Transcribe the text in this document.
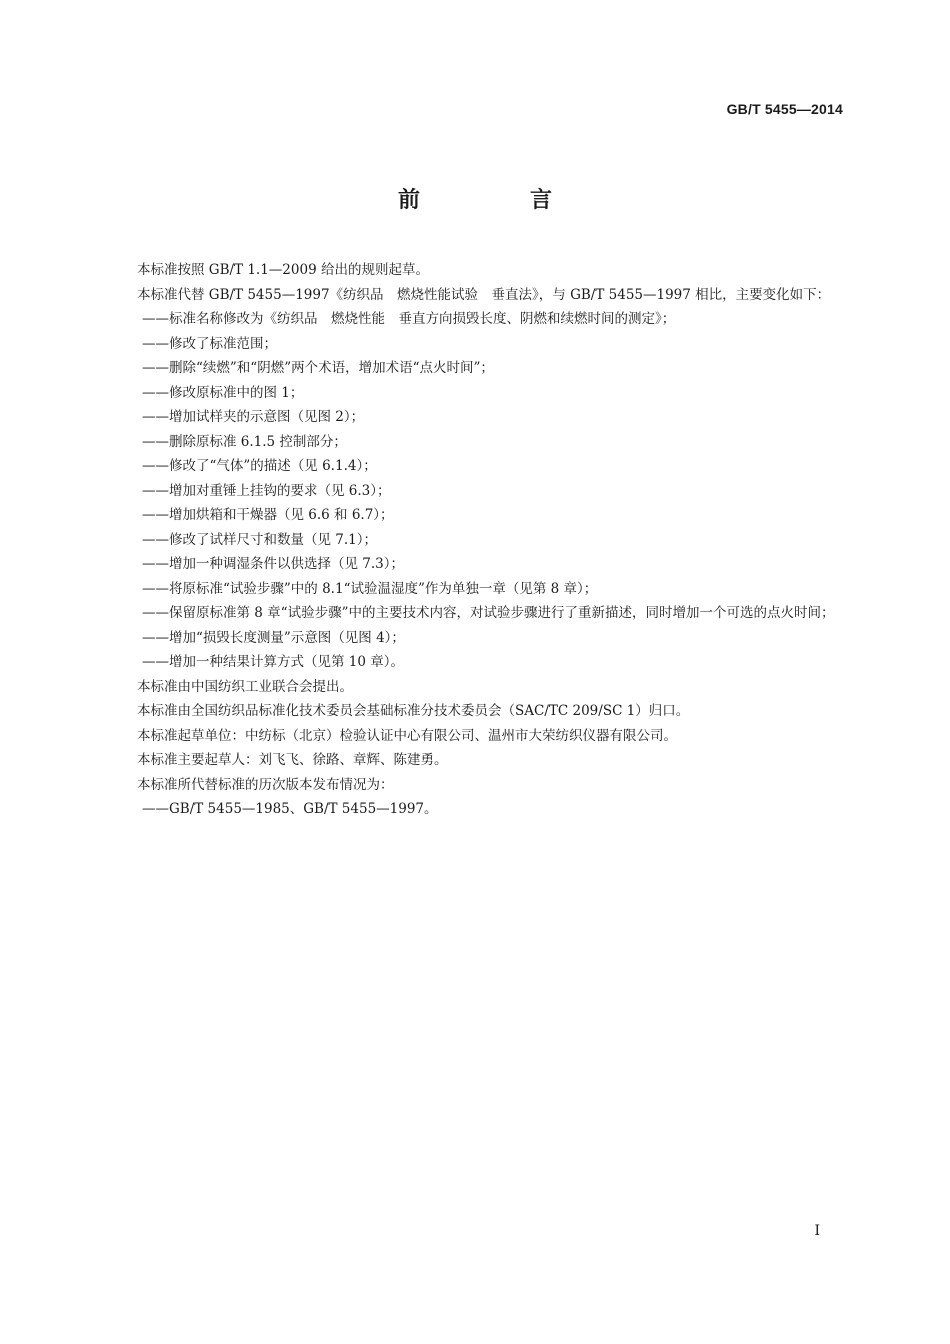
GB/T 5455—2014
前　言

本标准按照 GB/T 1.1—2009 给出的规则起草。

本标准代替 GB/T 5455—1997《纺织品　燃烧性能试验　垂直法》，与 GB/T 5455—1997 相比，主要变化如下：

——标准名称修改为《纺织品　燃烧性能　垂直方向损毁长度、阴燃和续燃时间的测定》；

——修改了标准范围；

——删除“续燃”和“阴燃”两个术语，增加术语“点火时间”；

——修改原标准中的图 1；

——增加试样夹的示意图（见图 2）；

——删除原标准 6.1.5 控制部分；

——修改了“气体”的描述（见 6.1.4）；

——增加对重锤上挂钩的要求（见 6.3）；

——增加烘箱和干燥器（见 6.6 和 6.7）；

——修改了试样尺寸和数量（见 7.1）；

——增加一种调湿条件以供选择（见 7.3）；

——将原标准“试验步骤”中的 8.1“试验温湿度”作为单独一章（见第 8 章）；

——保留原标准第 8 章“试验步骤”中的主要技术内容，对试验步骤进行了重新描述，同时增加一个可选的点火时间；

——增加“损毁长度测量”示意图（见图 4）；

——增加一种结果计算方式（见第 10 章）。

本标准由中国纺织工业联合会提出。

本标准由全国纺织品标准化技术委员会基础标准分技术委员会（SAC/TC 209/SC 1）归口。

本标准起草单位：中纺标（北京）检验认证中心有限公司、温州市大荣纺织仪器有限公司。

本标准主要起草人：刘飞飞、徐路、章辉、陈建勇。

本标准所代替标准的历次版本发布情况为：

——GB/T 5455—1985、GB/T 5455—1997。

I
